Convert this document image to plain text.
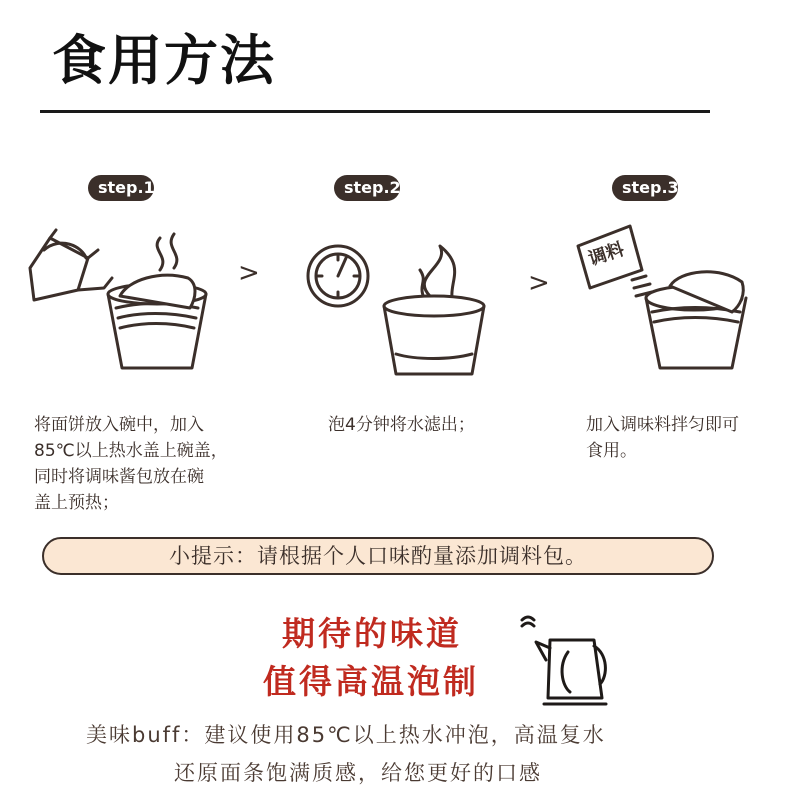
食用方法
step.1	step.2	step.3
>	>
调料
将面饼放入碗中，加入
85℃以上热水盖上碗盖，
同时将调味酱包放在碗
盖上预热；
泡4分钟将水滤出；	加入调味料拌匀即可
食用。
小提示：请根据个人口味酌量添加调料包。
期待的味道
值得高温泡制
美味buff：建议使用85℃以上热水冲泡，高温复水
还原面条饱满质感，给您更好的口感
